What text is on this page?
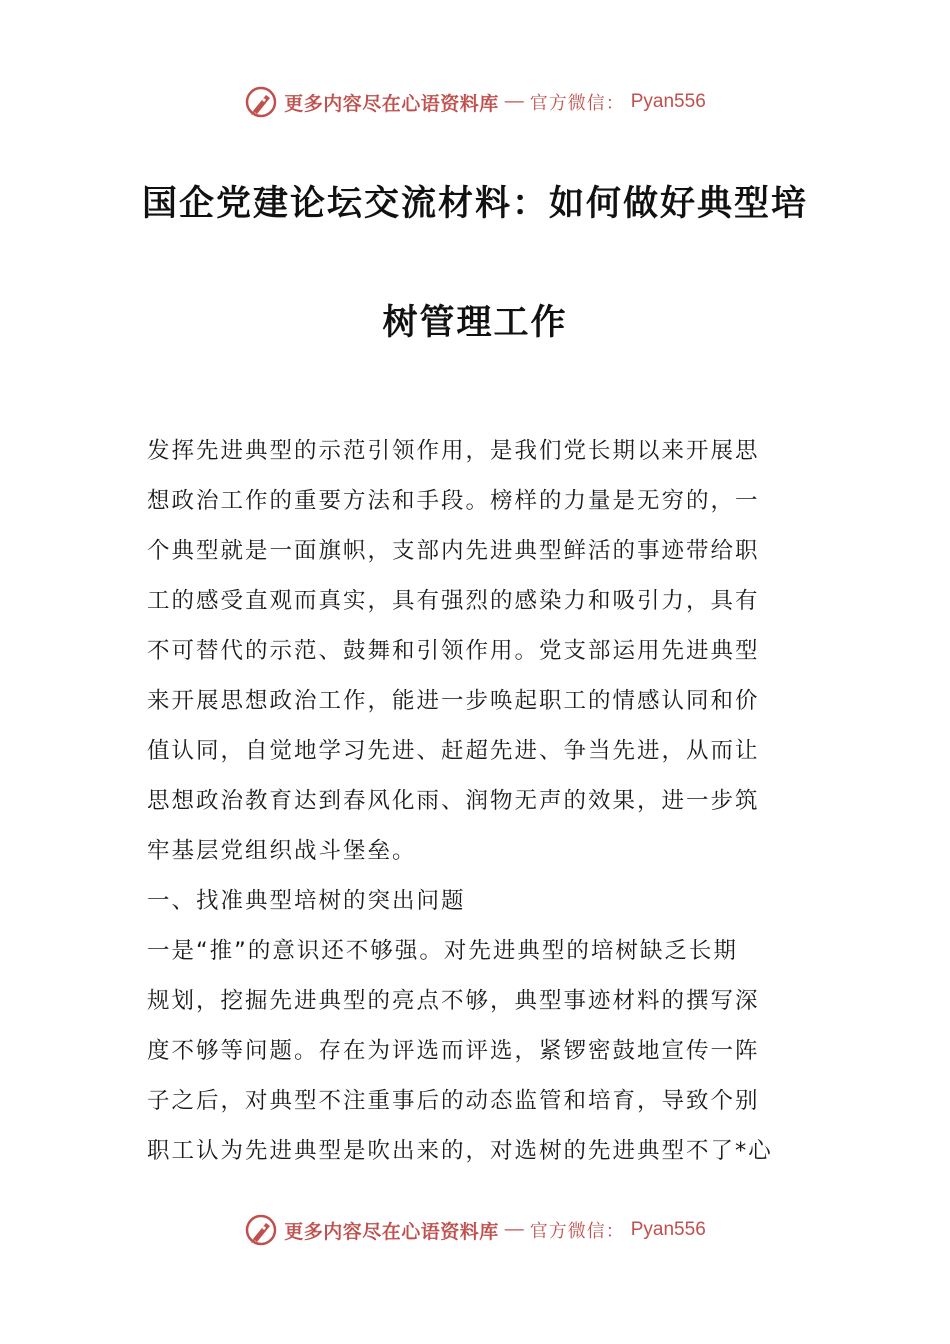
更多内容尽在心语资料库 — 官方微信： Pyan556
国企党建论坛交流材料：如何做好典型培
树管理工作
发挥先进典型的示范引领作用，是我们党长期以来开展思
想政治工作的重要方法和手段。榜样的力量是无穷的，一
个典型就是一面旗帜，支部内先进典型鲜活的事迹带给职
工的感受直观而真实，具有强烈的感染力和吸引力，具有
不可替代的示范、鼓舞和引领作用。党支部运用先进典型
来开展思想政治工作，能进一步唤起职工的情感认同和价
值认同，自觉地学习先进、赶超先进、争当先进，从而让
思想政治教育达到春风化雨、润物无声的效果，进一步筑
牢基层党组织战斗堡垒。
一、找准典型培树的突出问题
一是“推”的意识还不够强。对先进典型的培树缺乏长期
规划，挖掘先进典型的亮点不够，典型事迹材料的撰写深
度不够等问题。存在为评选而评选，紧锣密鼓地宣传一阵
子之后，对典型不注重事后的动态监管和培育，导致个别
职工认为先进典型是吹出来的，对选树的先进典型不了*心
更多内容尽在心语资料库 — 官方微信： Pyan556
